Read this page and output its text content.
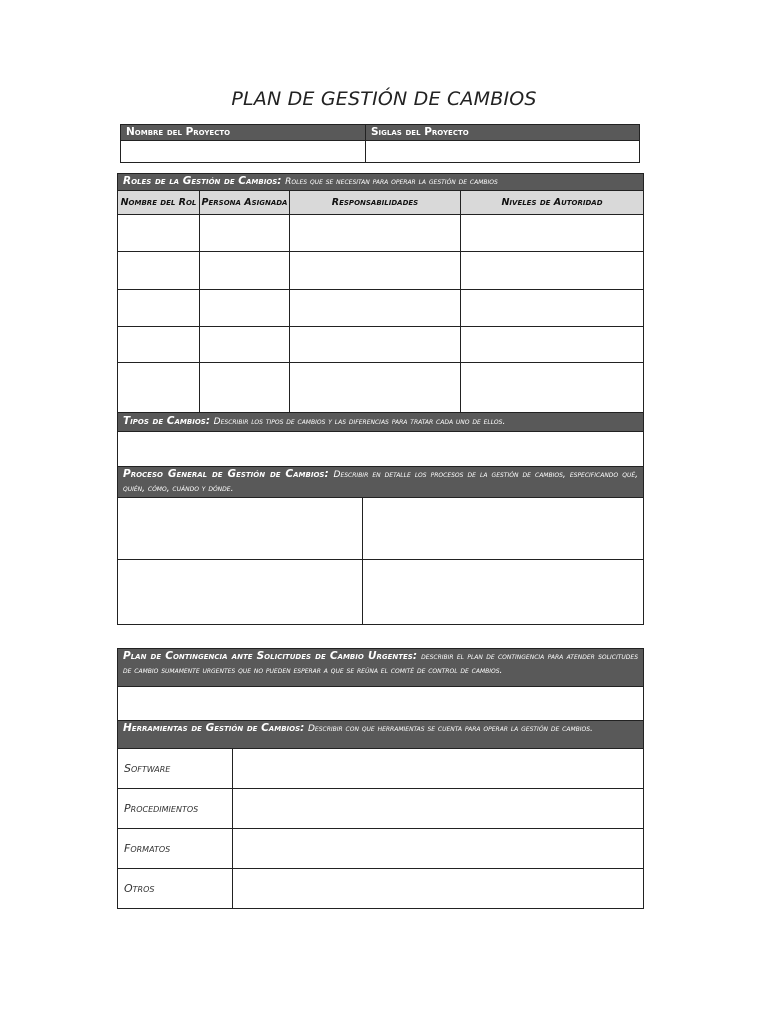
PLAN DE GESTIÓN DE CAMBIOS
Nombre del Proyecto	Siglas del Proyecto

Roles de la Gestión de Cambios: Roles que se necesitan para operar la gestión de cambios			
Nombre del Rol	Persona Asignada	Responsabilidades	Niveles de Autoridad

Tipos de Cambios: Describir los tipos de cambios y las diferencias para tratar cada uno de ellos.

Proceso General de Gestión de Cambios: Describir en detalle los procesos de la gestión de cambios, especificando qué, quién, cómo, cuándo y dónde.	

Plan de Contingencia ante Solicitudes de Cambio Urgentes: describir el plan de contingencia para atender solicitudes de cambio sumamente urgentes que no pueden esperar a que se reúna el comité de control de cambios.

Herramientas de Gestión de Cambios: Describir con que herramientas se cuenta para operar la gestión de cambios.	
Software	
Procedimientos	
Formatos	
Otros	
